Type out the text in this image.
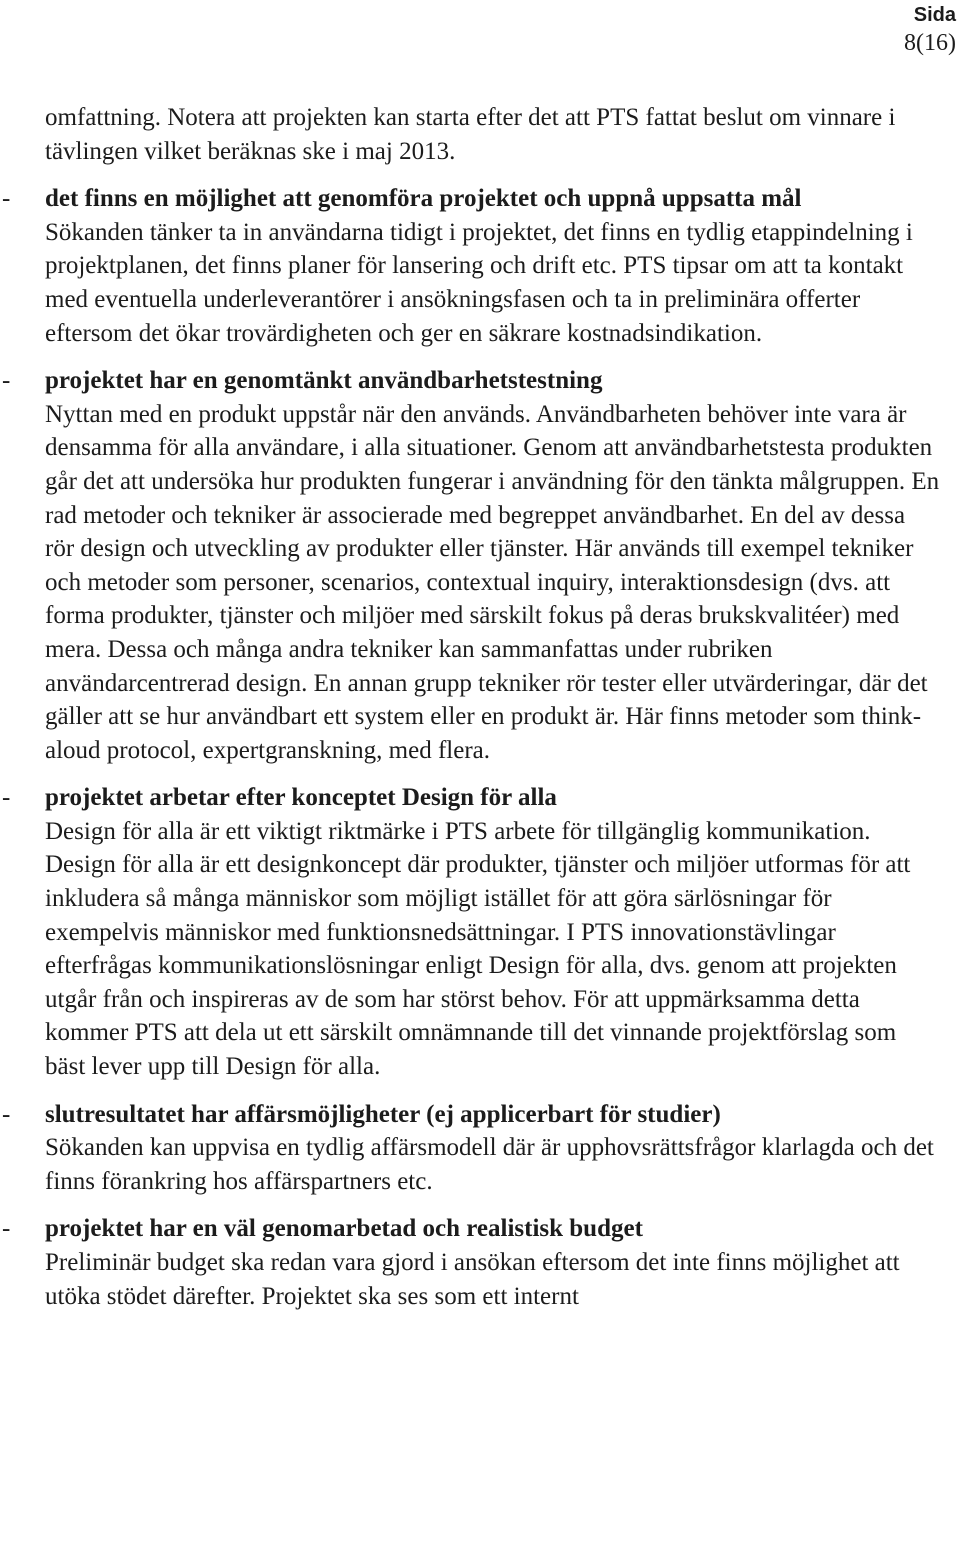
Sida
8(16)

omfattning. Notera att projekten kan starta efter det att PTS fattat beslut om vinnare i tävlingen vilket beräknas ske i maj 2013.

- det finns en möjlighet att genomföra projektet och uppnå uppsatta mål

Sökanden tänker ta in användarna tidigt i projektet, det finns en tydlig etappindelning i projektplanen, det finns planer för lansering och drift etc. PTS tipsar om att ta kontakt med eventuella underleverantörer i ansökningsfasen och ta in preliminära offerter eftersom det ökar trovärdigheten och ger en säkrare kostnadsindikation.

- projektet har en genomtänkt användbarhetstestning

Nyttan med en produkt uppstår när den används. Användbarheten behöver inte vara är densamma för alla användare, i alla situationer. Genom att användbarhetstesta produkten går det att undersöka hur produkten fungerar i användning för den tänkta målgruppen. En rad metoder och tekniker är associerade med begreppet användbarhet. En del av dessa rör design och utveckling av produkter eller tjänster. Här används till exempel tekniker och metoder som personer, scenarios, contextual inquiry, interaktionsdesign (dvs. att forma produkter, tjänster och miljöer med särskilt fokus på deras brukskvalitéer) med mera. Dessa och många andra tekniker kan sammanfattas under rubriken användarcentrerad design. En annan grupp tekniker rör tester eller utvärderingar, där det gäller att se hur användbart ett system eller en produkt är. Här finns metoder som think-aloud protocol, expertgranskning, med flera.

- projektet arbetar efter konceptet Design för alla

Design för alla är ett viktigt riktmärke i PTS arbete för tillgänglig kommunikation. Design för alla är ett designkoncept där produkter, tjänster och miljöer utformas för att inkludera så många människor som möjligt istället för att göra särlösningar för exempelvis människor med funktionsnedsättningar. I PTS innovationstävlingar efterfrågas kommunikationslösningar enligt Design för alla, dvs. genom att projekten utgår från och inspireras av de som har störst behov. För att uppmärksamma detta kommer PTS att dela ut ett särskilt omnämnande till det vinnande projektförslag som bäst lever upp till Design för alla.

- slutresultatet har affärsmöjligheter (ej applicerbart för studier)

Sökanden kan uppvisa en tydlig affärsmodell där är upphovsrättsfrågor klarlagda och det finns förankring hos affärspartners etc.

- projektet har en väl genomarbetad och realistisk budget

Preliminär budget ska redan vara gjord i ansökan eftersom det inte finns möjlighet att utöka stödet därefter. Projektet ska ses som ett internt
